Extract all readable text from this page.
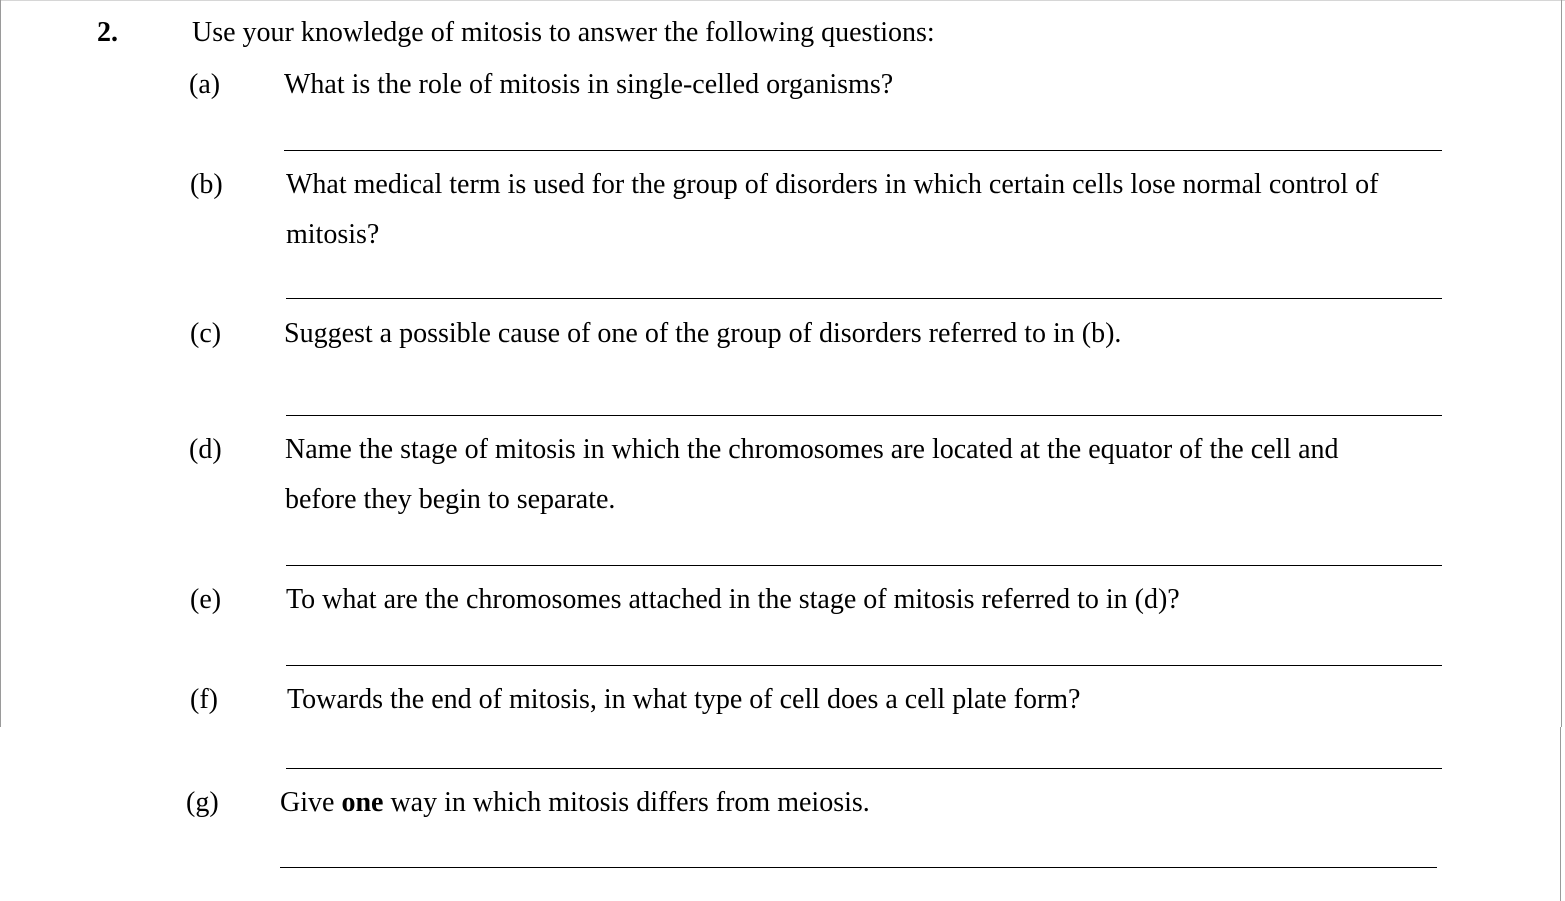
2.	Use your knowledge of mitosis to answer the following questions:
(a) What is the role of mitosis in single-celled organisms?
(b) What medical term is used for the group of disorders in which certain cells lose normal control of
mitosis?
(c) Suggest a possible cause of one of the group of disorders referred to in (b).
(d) Name the stage of mitosis in which the chromosomes are located at the equator of the cell and
before they begin to separate.
(e) To what are the chromosomes attached in the stage of mitosis referred to in (d)?
(f) Towards the end of mitosis, in what type of cell does a cell plate form?
(g) Give one way in which mitosis differs from meiosis.
